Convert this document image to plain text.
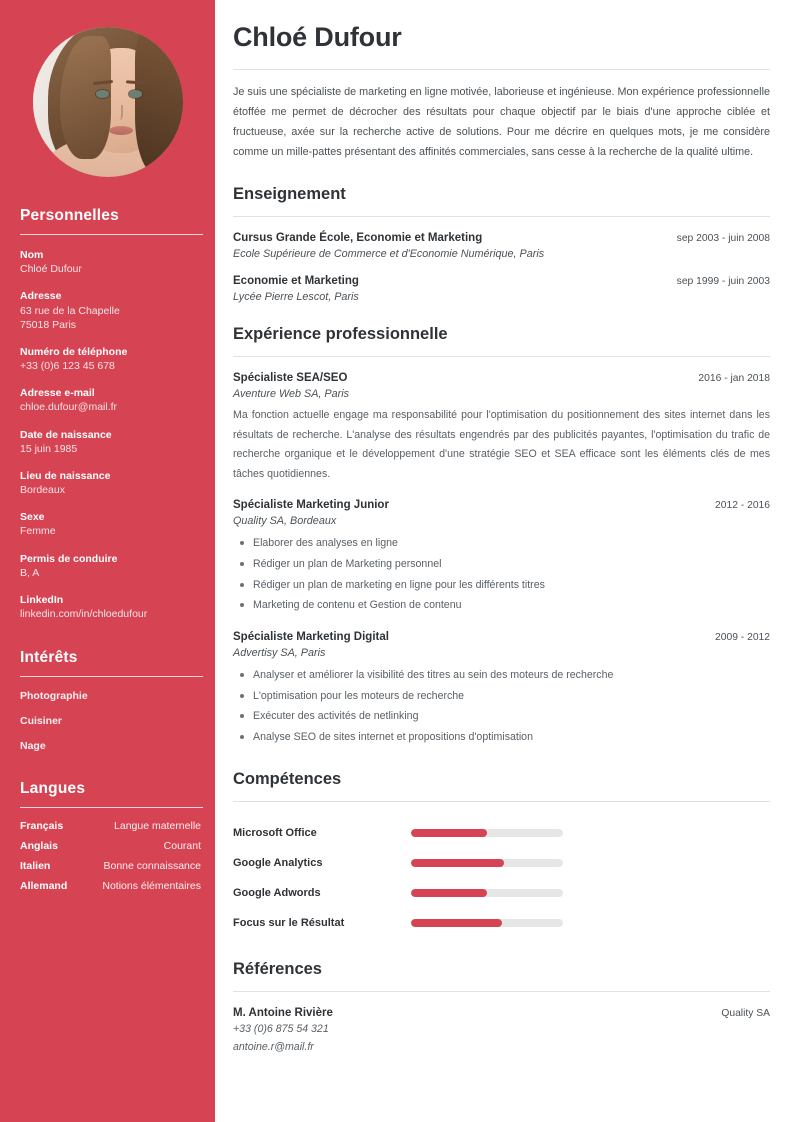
Personnelles
Nom
Chloé Dufour
Adresse
63 rue de la Chapelle
75018 Paris
Numéro de téléphone
+33 (0)6 123 45 678
Adresse e-mail
chloe.dufour@mail.fr
Date de naissance
15 juin 1985
Lieu de naissance
Bordeaux
Sexe
Femme
Permis de conduire
B, A
LinkedIn
linkedin.com/in/chloedufour
Intérêts
Photographie
Cuisiner
Nage
Langues
Français	Langue maternelle
Anglais	Courant
Italien	Bonne connaissance
Allemand	Notions élémentaires
Chloé Dufour
Je suis une spécialiste de marketing en ligne motivée, laborieuse et ingénieuse. Mon expérience professionnelle étoffée me permet de décrocher des résultats pour chaque objectif par le biais d'une approche ciblée et fructueuse, axée sur la recherche active de solutions. Pour me décrire en quelques mots, je me considère comme un mille-pattes présentant des affinités commerciales, sans cesse à la recherche de la qualité ultime.
Enseignement
Cursus Grande École, Economie et Marketing	sep 2003 - juin 2008
Ecole Supérieure de Commerce et d'Economie Numérique, Paris
Economie et Marketing	sep 1999 - juin 2003
Lycée Pierre Lescot, Paris
Expérience professionnelle
Spécialiste SEA/SEO	2016 - jan 2018
Aventure Web SA, Paris
Ma fonction actuelle engage ma responsabilité pour l'optimisation du positionnement des sites internet dans les résultats de recherche. L'analyse des résultats engendrés par des publicités payantes, l'optimisation du trafic de recherche organique et le développement d'une stratégie SEO et SEA efficace sont les éléments clés de mes tâches quotidiennes.
Spécialiste Marketing Junior	2012 - 2016
Quality SA, Bordeaux
Elaborer des analyses en ligne
Rédiger un plan de Marketing personnel
Rédiger un plan de marketing en ligne pour les différents titres
Marketing de contenu et Gestion de contenu
Spécialiste Marketing Digital	2009 - 2012
Advertisy SA, Paris
Analyser et améliorer la visibilité des titres au sein des moteurs de recherche
L'optimisation pour les moteurs de recherche
Exécuter des activités de netlinking
Analyse SEO de sites internet et propositions d'optimisation
Compétences
Microsoft Office
Google Analytics
Google Adwords
Focus sur le Résultat
Références
M. Antoine Rivière	Quality SA
+33 (0)6 875 54 321
antoine.r@mail.fr
